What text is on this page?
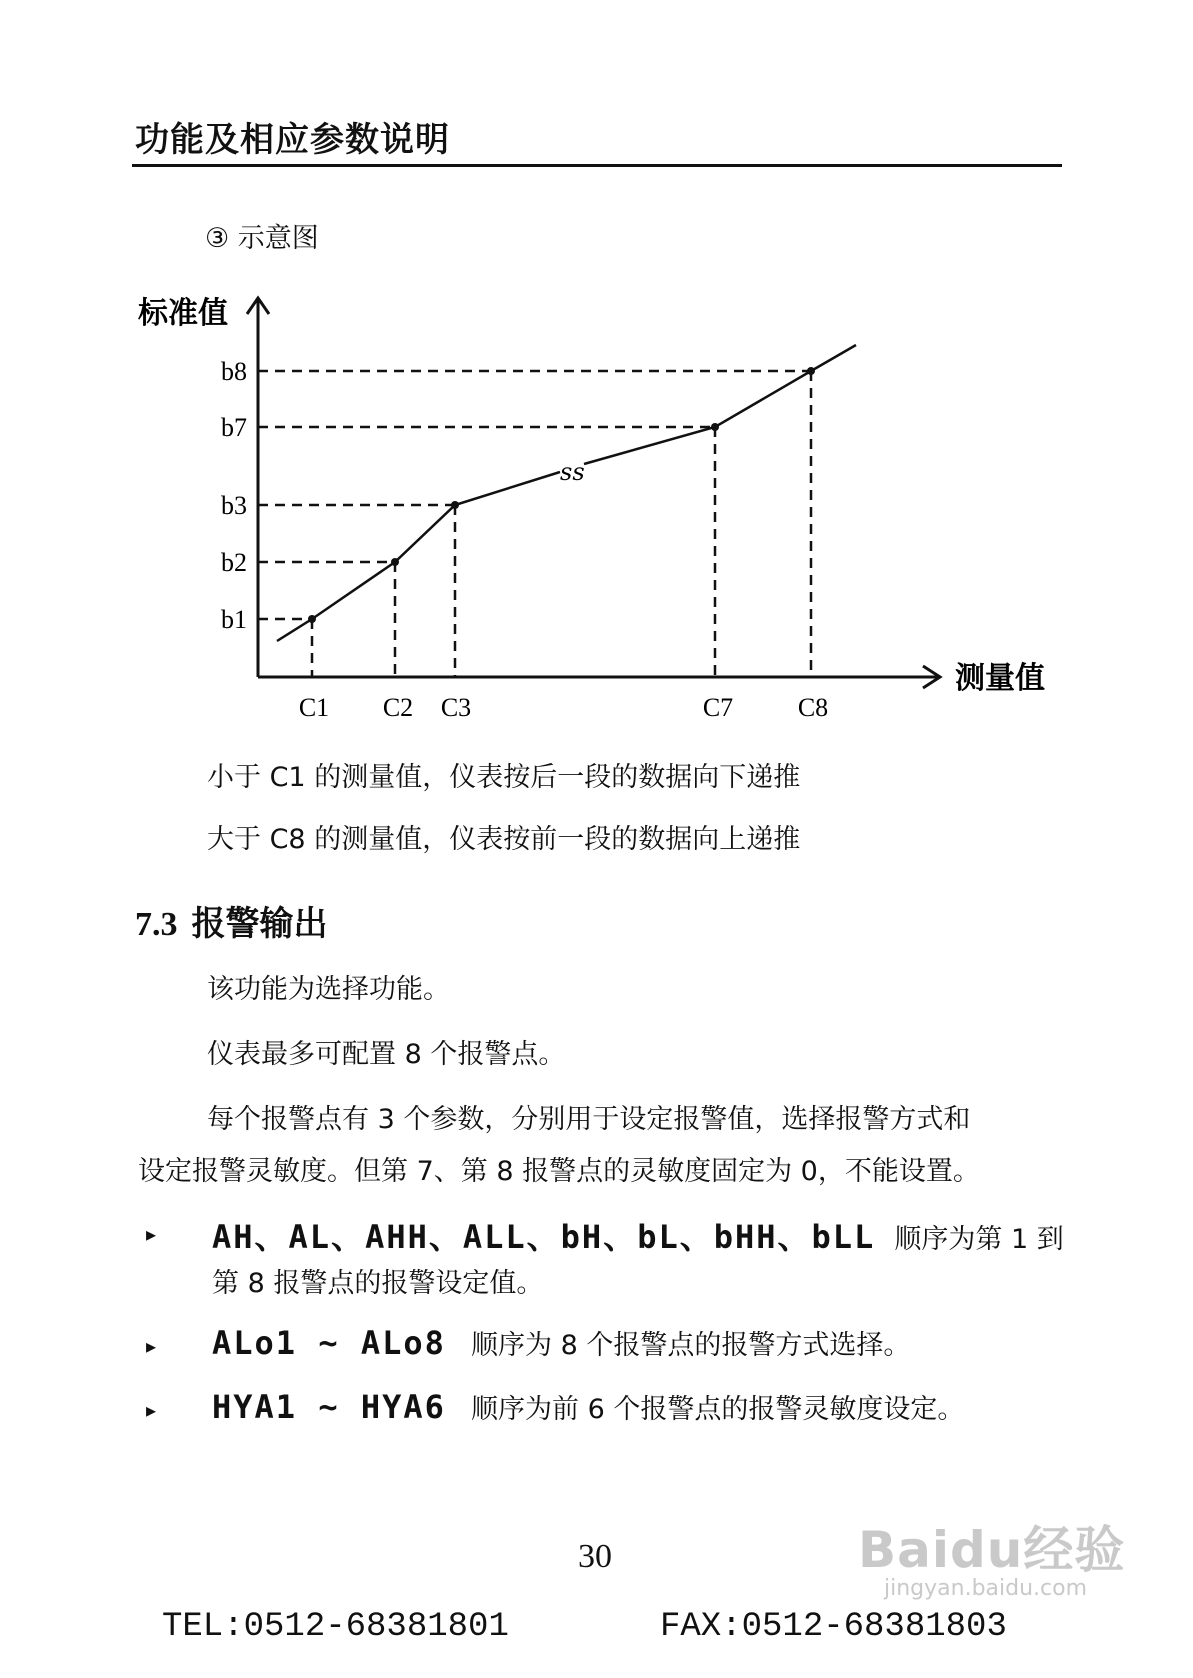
功能及相应参数说明
③ 示意图
标准值
测量值
ss
b1
b2
b3
b7
b8
C1 C2 C3	C7 C8
小于 C1 的测量值，仪表按后一段的数据向下递推
大于 C8 的测量值，仪表按前一段的数据向上递推
7.3 报警输出
该功能为选择功能。
仪表最多可配置 8 个报警点。
每个报警点有 3 个参数，分别用于设定报警值，选择报警方式和
设定报警灵敏度。但第 7、第 8 报警点的灵敏度固定为 0，不能设置。
▸ AH、AL、AHH、ALL、bH、bL、bHH、bLL 顺序为第 1 到
第 8 报警点的报警设定值。
▸ ALo1 ~ ALo8 顺序为 8 个报警点的报警方式选择。
▸ HYA1 ~ HYA6 顺序为前 6 个报警点的报警灵敏度设定。
30
TEL:0512-68381801	FAX:0512-68381803
Baidu经验
jingyan.baidu.com
